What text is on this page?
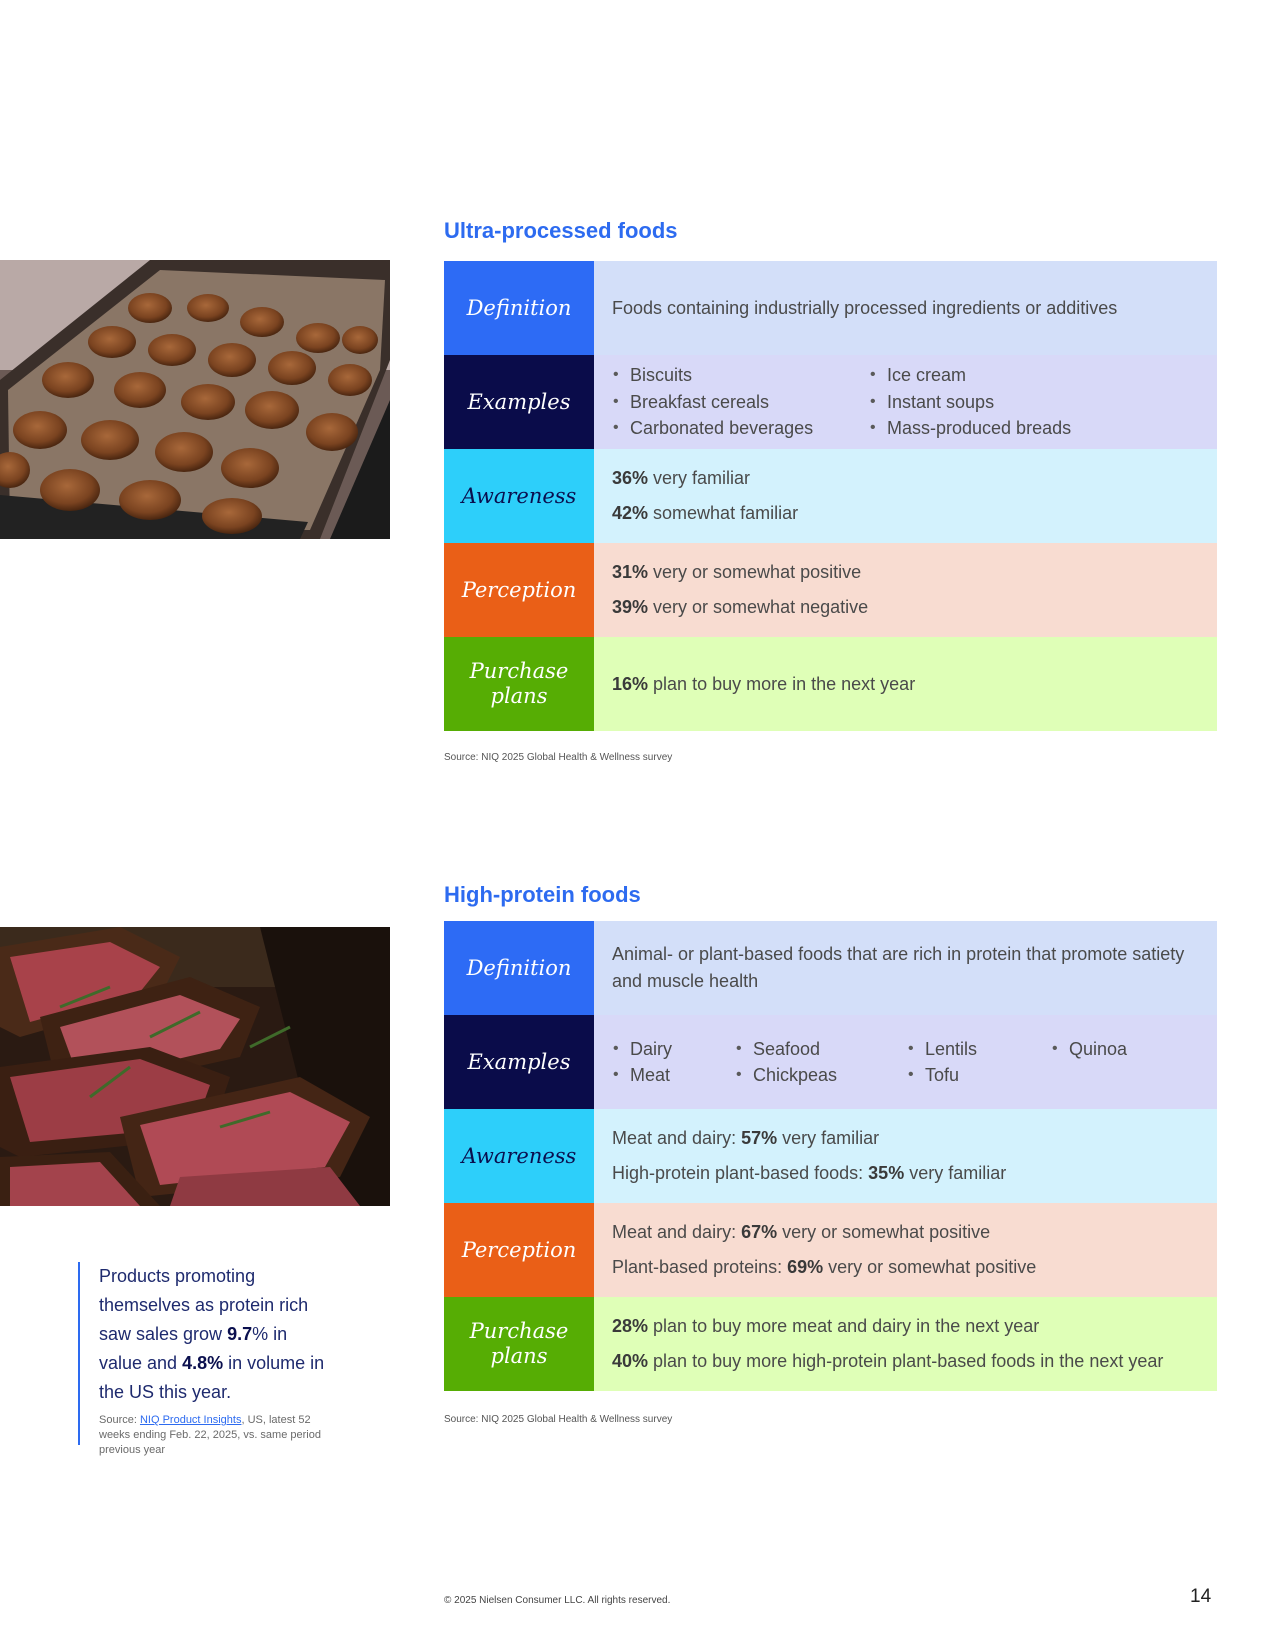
Ultra-processed foods
Definition	Foods containing industrially processed ingredients or additives
Examples
• Biscuits
• Breakfast cereals
• Carbonated beverages
• Ice cream
• Instant soups
• Mass-produced breads
Awareness
36% very familiar
42% somewhat familiar
Perception
31% very or somewhat positive
39% very or somewhat negative
Purchase plans
16% plan to buy more in the next year
Source: NIQ 2025 Global Health & Wellness survey
High-protein foods
Definition
Animal- or plant-based foods that are rich in protein that promote satiety and muscle health
Examples
• Dairy
• Meat
• Seafood
• Chickpeas
• Lentils
• Tofu
• Quinoa
Awareness
Meat and dairy: 57% very familiar
High-protein plant-based foods: 35% very familiar
Perception
Meat and dairy: 67% very or somewhat positive
Plant-based proteins: 69% very or somewhat positive
Purchase plans
28% plan to buy more meat and dairy in the next year
40% plan to buy more high-protein plant-based foods in the next year
Source: NIQ 2025 Global Health & Wellness survey
Products promoting themselves as protein rich saw sales grow 9.7% in value and 4.8% in volume in the US this year.
Source: NIQ Product Insights, US, latest 52 weeks ending Feb. 22, 2025, vs. same period previous year
© 2025 Nielsen Consumer LLC. All rights reserved.	14
